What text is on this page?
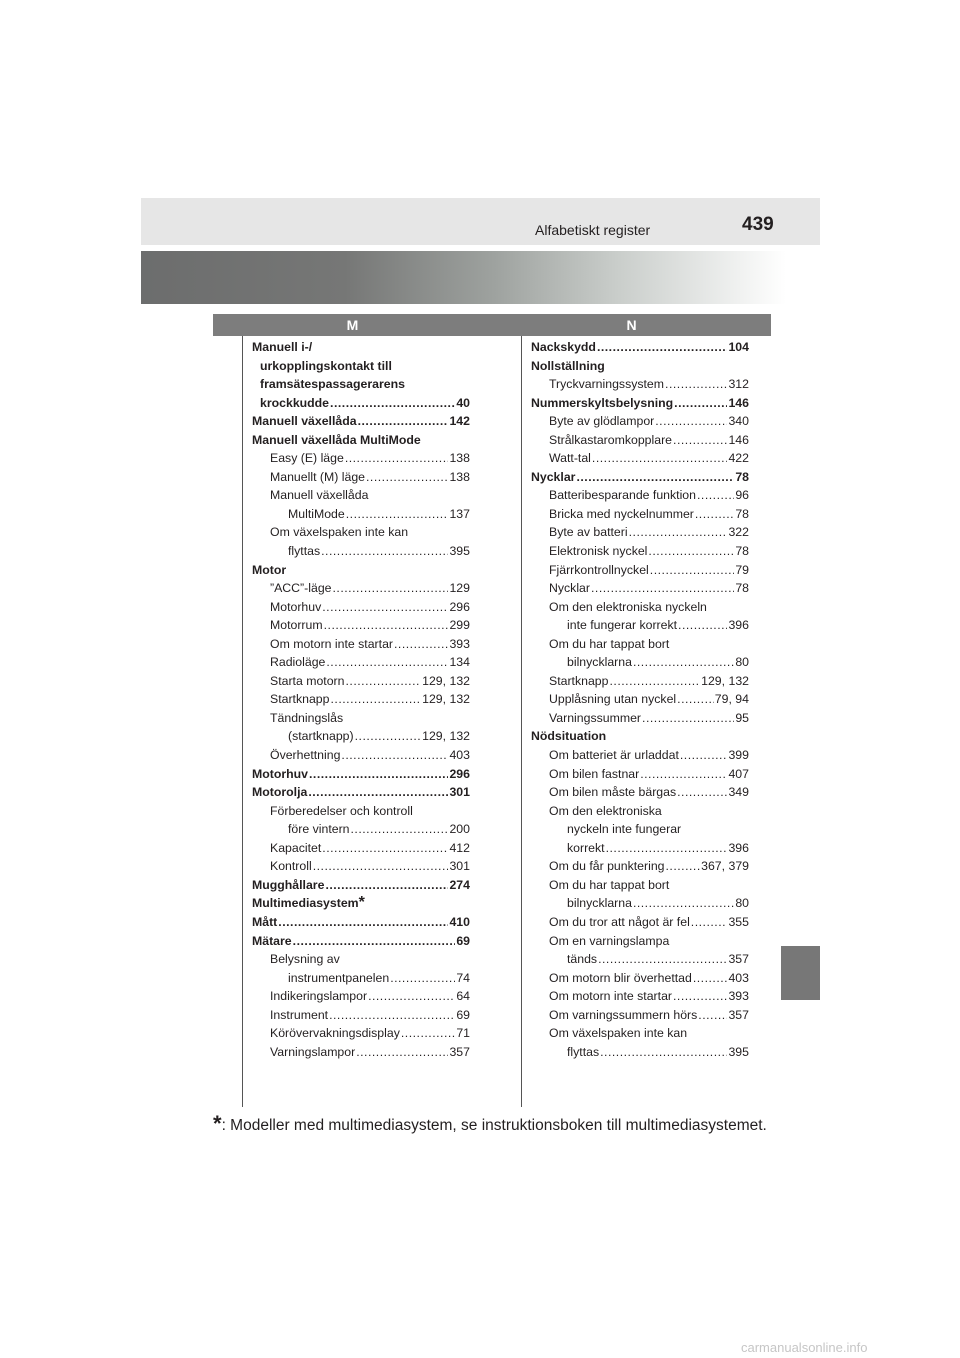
Alfabetiskt register	439
M	N
Manuell i-/
urkopplingskontakt till
framsätespassagerarens
krockkudde .....	40
Manuell växellåda .....	142
Manuell växellåda MultiMode
Easy (E) läge .....	138
Manuellt (M) läge .....	138
Manuell växellåda
MultiMode .....	137
Om växelspaken inte kan
flyttas .....	395
Motor
”ACC”-läge .....	129
Motorhuv .....	296
Motorrum .....	299
Om motorn inte startar .....	393
Radioläge .....	134
Starta motorn .....	129, 132
Startknapp .....	129, 132
Tändningslås
(startknapp) .....	129, 132
Överhettning .....	403
Motorhuv .....	296
Motorolja .....	301
Förberedelser och kontroll
före vintern .....	200
Kapacitet .....	412
Kontroll .....	301
Mugghållare .....	274
Multimediasystem *
Mått .....	410
Mätare .....	69
Belysning av
instrumentpanelen .....	74
Indikeringslampor .....	64
Instrument .....	69
Körövervakningsdisplay .....	71
Varningslampor .....	357
Nackskydd .....	104
Nollställning
Tryckvarningssystem .....	312
Nummerskyltsbelysning .....	146
Byte av glödlampor .....	340
Strålkastaromkopplare .....	146
Watt-tal .....	422
Nycklar .....	78
Batteribesparande funktion .....	96
Bricka med nyckelnummer .....	78
Byte av batteri .....	322
Elektronisk nyckel .....	78
Fjärrkontrollnyckel .....	79
Nycklar .....	78
Om den elektroniska nyckeln
inte fungerar korrekt .....	396
Om du har tappat bort
bilnycklarna .....	80
Startknapp .....	129, 132
Upplåsning utan nyckel .....	79, 94
Varningssummer .....	95
Nödsituation
Om batteriet är urladdat .....	399
Om bilen fastnar .....	407
Om bilen måste bärgas .....	349
Om den elektroniska
nyckeln inte fungerar
korrekt .....	396
Om du får punktering .....	367, 379
Om du har tappat bort
bilnycklarna .....	80
Om du tror att något är fel .....	355
Om en varningslampa
tänds .....	357
Om motorn blir överhettad .....	403
Om motorn inte startar .....	393
Om varningssummern hörs .....	357
Om växelspaken inte kan
flyttas .....	395
*: Modeller med multimediasystem, se instruktionsboken till multimediasystemet.
carmanualsonline.info
